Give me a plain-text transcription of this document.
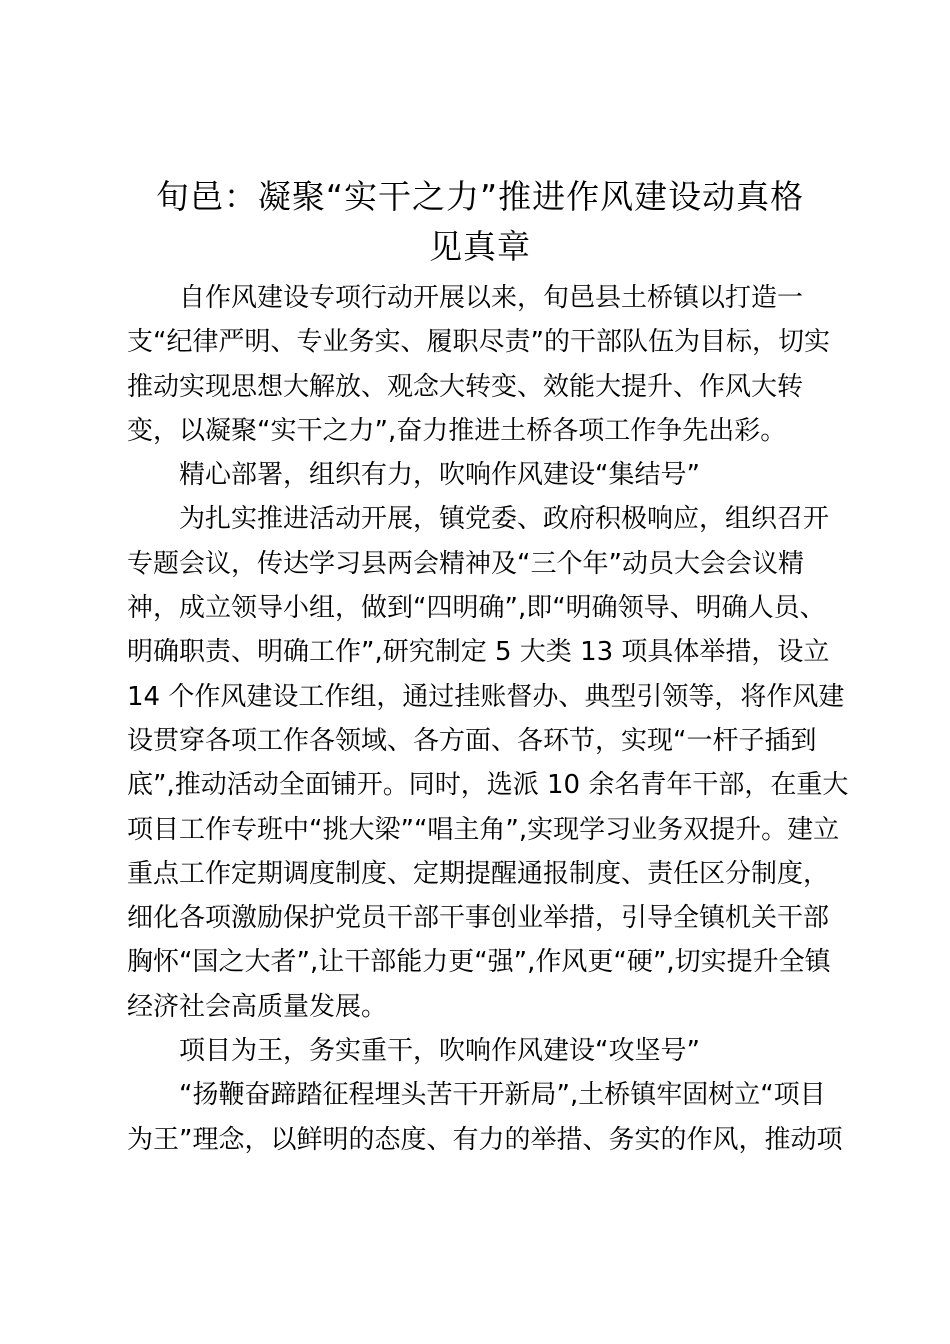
旬邑：凝聚“实干之力”推进作风建设动真格
见真章
自作风建设专项行动开展以来，旬邑县土桥镇以打造一
支“纪律严明、专业务实、履职尽责”的干部队伍为目标，切实
推动实现思想大解放、观念大转变、效能大提升、作风大转
变，以凝聚“实干之力”,奋力推进土桥各项工作争先出彩。
精心部署，组织有力，吹响作风建设“集结号”
为扎实推进活动开展，镇党委、政府积极响应，组织召开
专题会议，传达学习县两会精神及“三个年”动员大会会议精
神，成立领导小组，做到“四明确”,即“明确领导、明确人员、
明确职责、明确工作”,研究制定 5 大类 13 项具体举措，设立
14 个作风建设工作组，通过挂账督办、典型引领等，将作风建
设贯穿各项工作各领域、各方面、各环节，实现“一杆子插到
底”,推动活动全面铺开。同时，选派 10 余名青年干部，在重大
项目工作专班中“挑大梁”“唱主角”,实现学习业务双提升。建立
重点工作定期调度制度、定期提醒通报制度、责任区分制度，
细化各项激励保护党员干部干事创业举措，引导全镇机关干部
胸怀“国之大者”,让干部能力更“强”,作风更“硬”,切实提升全镇
经济社会高质量发展。
项目为王，务实重干，吹响作风建设“攻坚号”
“扬鞭奋蹄踏征程埋头苦干开新局”,土桥镇牢固树立“项目
为王”理念，以鲜明的态度、有力的举措、务实的作风，推动项
